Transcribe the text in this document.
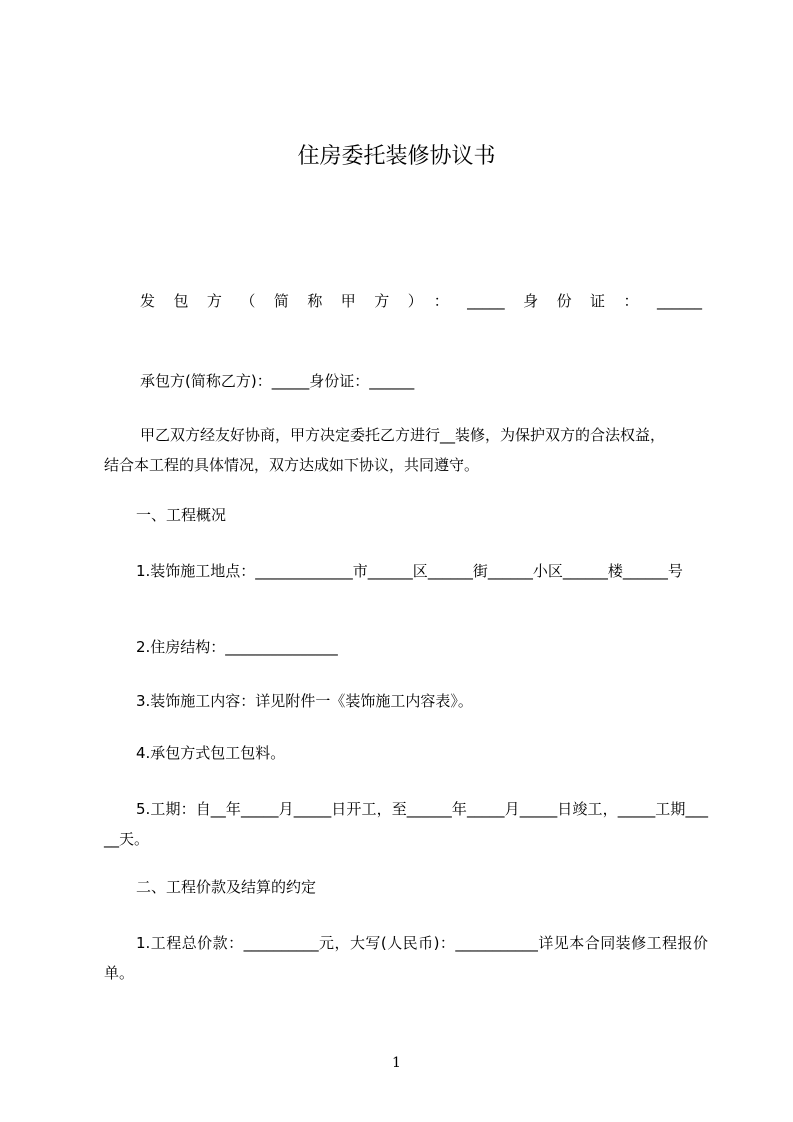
住房委托装修协议书
发包方（简称甲方）：_____身份证：______
承包方(简称乙方)：_____身份证：______
甲乙双方经友好协商，甲方决定委托乙方进行__装修，为保护双方的合法权益，
结合本工程的具体情况，双方达成如下协议，共同遵守。
一、工程概况
1.装饰施工地点：_____________市______区______街______小区______楼______号
2.住房结构：_______________
3.装饰施工内容：详见附件一《装饰施工内容表》。
4.承包方式包工包料。
5.工期：自__年_____月_____日开工，至______年_____月_____日竣工，_____工期_____天。
二、工程价款及结算的约定
1.工程总价款：__________元，大写(人民币)：___________详见本合同装修工程报价单。
1
